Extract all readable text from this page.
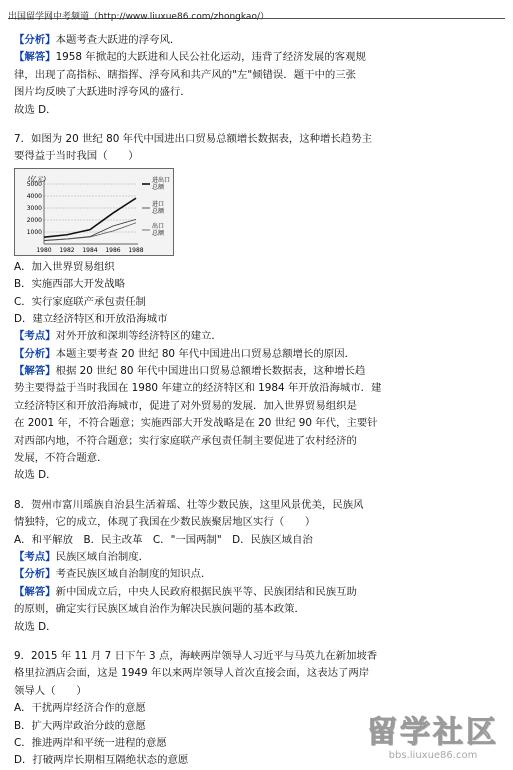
出国留学网中考频道（http://www.liuxue86.com/zhongkao/）
【分析】本题考查大跃进的浮夸风．
【解答】1958 年掀起的大跃进和人民公社化运动，违背了经济发展的客观规
律，出现了高指标、瞎指挥、浮夸风和共产风的"左"倾错误．题干中的三张
图片均反映了大跃进时浮夸风的盛行．
故选 D．
7．如图为 20 世纪 80 年代中国进出口贸易总额增长数据表，这种增长趋势主
要得益于当时我国（　　）
(亿元)
1000
2000
3000
4000
5000
1980 1982 1984 1986 1988
进出口总额
进口总额
出口总额
A．加入世界贸易组织
B．实施西部大开发战略
C．实行家庭联产承包责任制
D．建立经济特区和开放沿海城市
【考点】对外开放和深圳等经济特区的建立．
【分析】本题主要考查 20 世纪 80 年代中国进出口贸易总额增长的原因．
【解答】根据 20 世纪 80 年代中国进出口贸易总额增长数据表，这种增长趋
势主要得益于当时我国在 1980 年建立的经济特区和 1984 年开放沿海城市．建
立经济特区和开放沿海城市，促进了对外贸易的发展．加入世界贸易组织是
在 2001 年，不符合题意；实施西部大开发战略是在 20 世纪 90 年代，主要针
对西部内地，不符合题意；实行家庭联产承包责任制主要促进了农村经济的
发展，不符合题意．
故选 D．
8．贺州市富川瑶族自治县生活着瑶、壮等少数民族，这里风景优美，民族风
情独特，它的成立，体现了我国在少数民族聚居地区实行（　　）
A．和平解放　B．民主改革　C．"一国两制"　D．民族区域自治
【考点】民族区域自治制度．
【分析】考查民族区域自治制度的知识点．
【解答】新中国成立后，中央人民政府根据民族平等、民族团结和民族互助
的原则，确定实行民族区域自治作为解决民族问题的基本政策．
故选 D．
9．2015 年 11 月 7 日下午 3 点，海峡两岸领导人习近平与马英九在新加坡香
格里拉酒店会面，这是 1949 年以来两岸领导人首次直接会面，这表达了两岸
领导人（　　）
A．干扰两岸经济合作的意愿
B．扩大两岸政治分歧的意愿
C．推进两岸和平统一进程的意愿
D．打破两岸长期相互隔绝状态的意愿
留学社区
bbs.liuxue86.com
